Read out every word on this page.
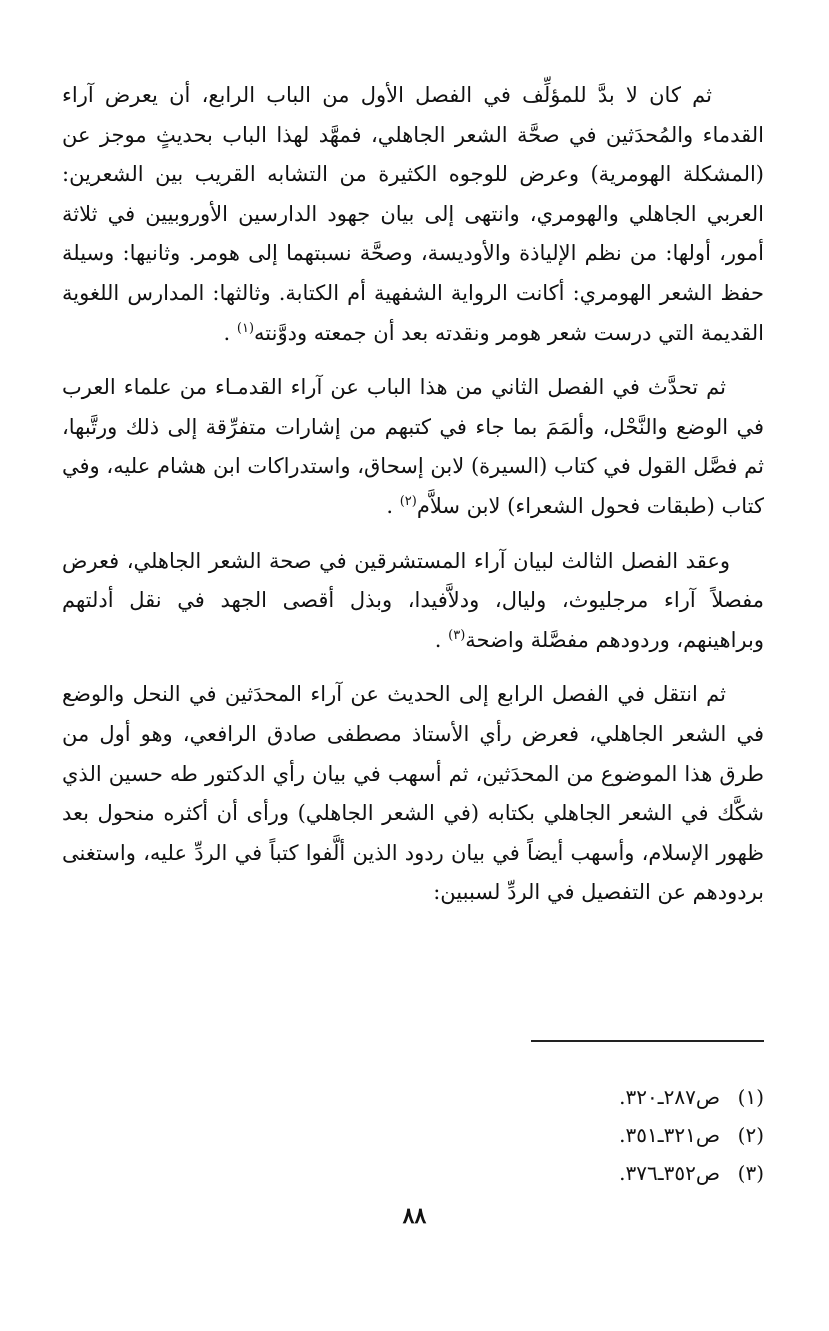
ثم كان لا بدَّ للمؤلِّف في الفصل الأول من الباب الرابع، أن يعرض آراء القدماء والمُحدَثين في صحَّة الشعر الجاهلي، فمهَّد لهذا الباب بحديثٍ موجز عن (المشكلة الهومرية) وعرض للوجوه الكثيرة من التشابه القريب بين الشعرين: العربي الجاهلي والهومري، وانتهى إلى بيان جهود الدارسين الأوروبيين في ثلاثة أمور، أولها: من نظم الإلياذة والأوديسة، وصحَّة نسبتهما إلى هومر. وثانيها: وسيلة حفظ الشعر الهومري: أكانت الرواية الشفهية أم الكتابة. وثالثها: المدارس اللغوية القديمة التي درست شعر هومر ونقدته بعد أن جمعته ودوَّنته$^{(١)}$ .

ثم تحدَّث في الفصل الثاني من هذا الباب عن آراء القدمـاء من علماء العرب في الوضع والنَّحْل، وألمَمَ بما جاء في كتبهم من إشارات متفرِّقة إلى ذلك ورتَّبها، ثم فصَّل القول في كتاب (السيرة) لابن إسحاق، واستدراكات ابن هشام عليه، وفي كتاب (طبقات فحول الشعراء) لابن سلاَّم$^{(٢)}$ .

وعقد الفصل الثالث لبيان آراء المستشرقين في صحة الشعر الجاهلي، فعرض مفصلاً آراء مرجليوث، وليال، ودلاَّفيدا، وبذل أقصى الجهد في نقل أدلتهم وبراهينهم، وردودهم مفصَّلة واضحة$^{(٣)}$ .

ثم انتقل في الفصل الرابع إلى الحديث عن آراء المحدَثين في النحل والوضع في الشعر الجاهلي، فعرض رأي الأستاذ مصطفى صادق الرافعي، وهو أول من طرق هذا الموضوع من المحدَثين، ثم أسهب في بيان رأي الدكتور طه حسين الذي شكَّك في الشعر الجاهلي بكتابه (في الشعر الجاهلي) ورأى أن أكثره منحول بعد ظهور الإسلام، وأسهب أيضاً في بيان ردود الذين ألَّفوا كتباً في الردِّ عليه، واستغنى بردودهم عن التفصيل في الردِّ لسببين:

(١)ص٢٨٧ـ٣٢٠.
(٢)ص٣٢١ـ٣٥١.
(٣)ص٣٥٢ـ٣٧٦.
٨٨
